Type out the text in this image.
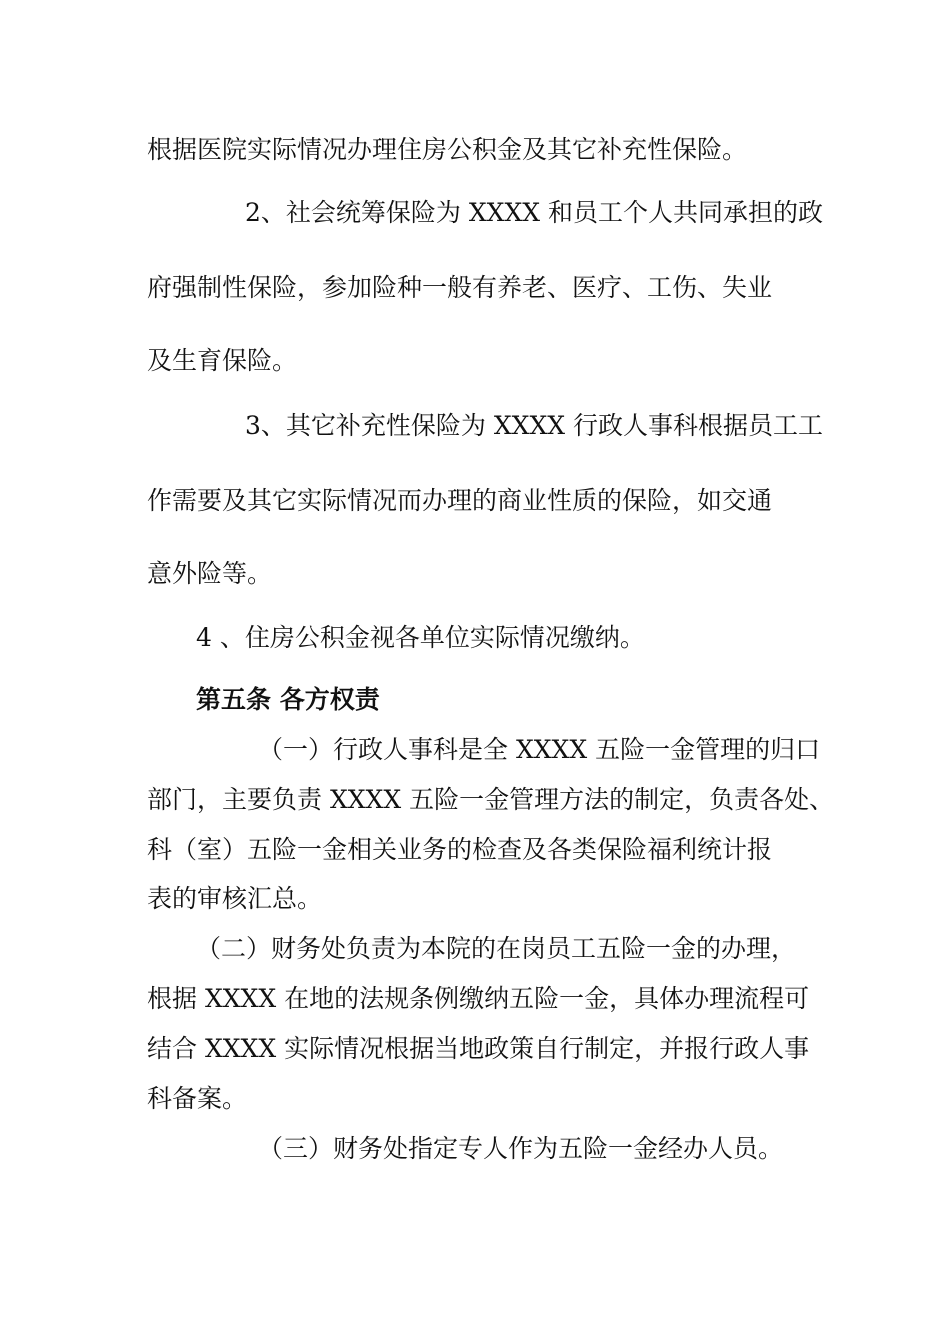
根据医院实际情况办理住房公积金及其它补充性保险。
2、社会统筹保险为 XXXX 和员工个人共同承担的政
府强制性保险，参加险种一般有养老、医疗、工伤、失业
及生育保险。
3、其它补充性保险为 XXXX 行政人事科根据员工工
作需要及其它实际情况而办理的商业性质的保险，如交通
意外险等。
4 、住房公积金视各单位实际情况缴纳。
第五条 各方权责
（一）行政人事科是全 XXXX 五险一金管理的归口
部门，主要负责 XXXX 五险一金管理方法的制定，负责各处、
科（室）五险一金相关业务的检查及各类保险福利统计报
表的审核汇总。
（二）财务处负责为本院的在岗员工五险一金的办理，
根据 XXXX 在地的法规条例缴纳五险一金，具体办理流程可
结合 XXXX 实际情况根据当地政策自行制定，并报行政人事
科备案。
（三）财务处指定专人作为五险一金经办人员。
